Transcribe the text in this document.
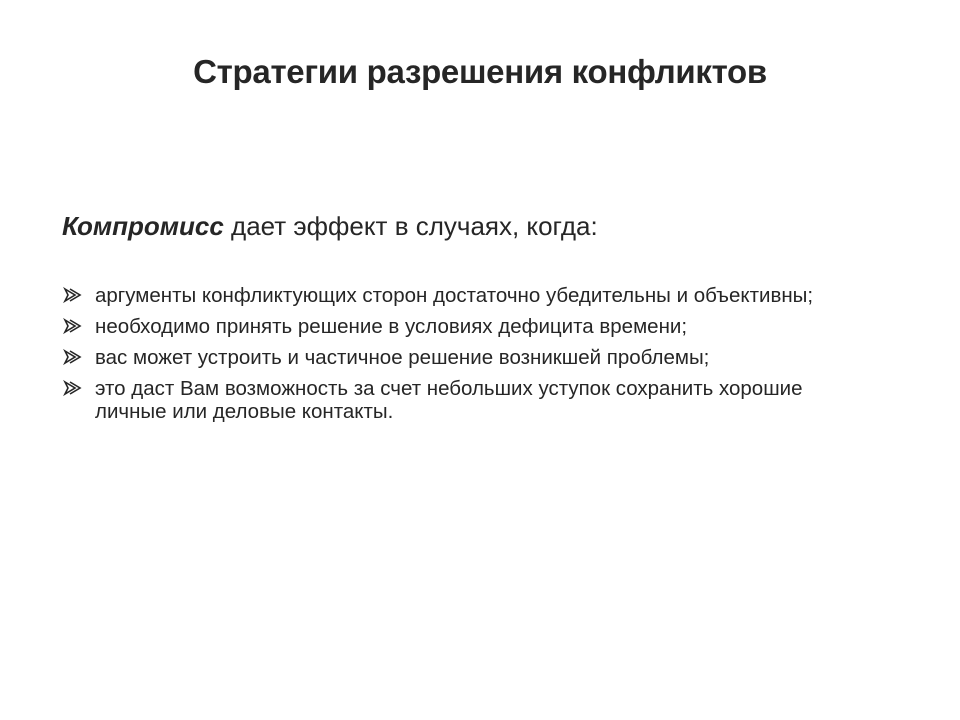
Стратегии разрешения конфликтов
Компромисс дает эффект в случаях, когда:
аргументы конфликтующих сторон достаточно убедительны и объективны;
необходимо принять решение в условиях дефицита времени;
вас может устроить и частичное решение возникшей проблемы;
это даст Вам возможность за счет небольших уступок сохранить хорошие личные или деловые контакты.
